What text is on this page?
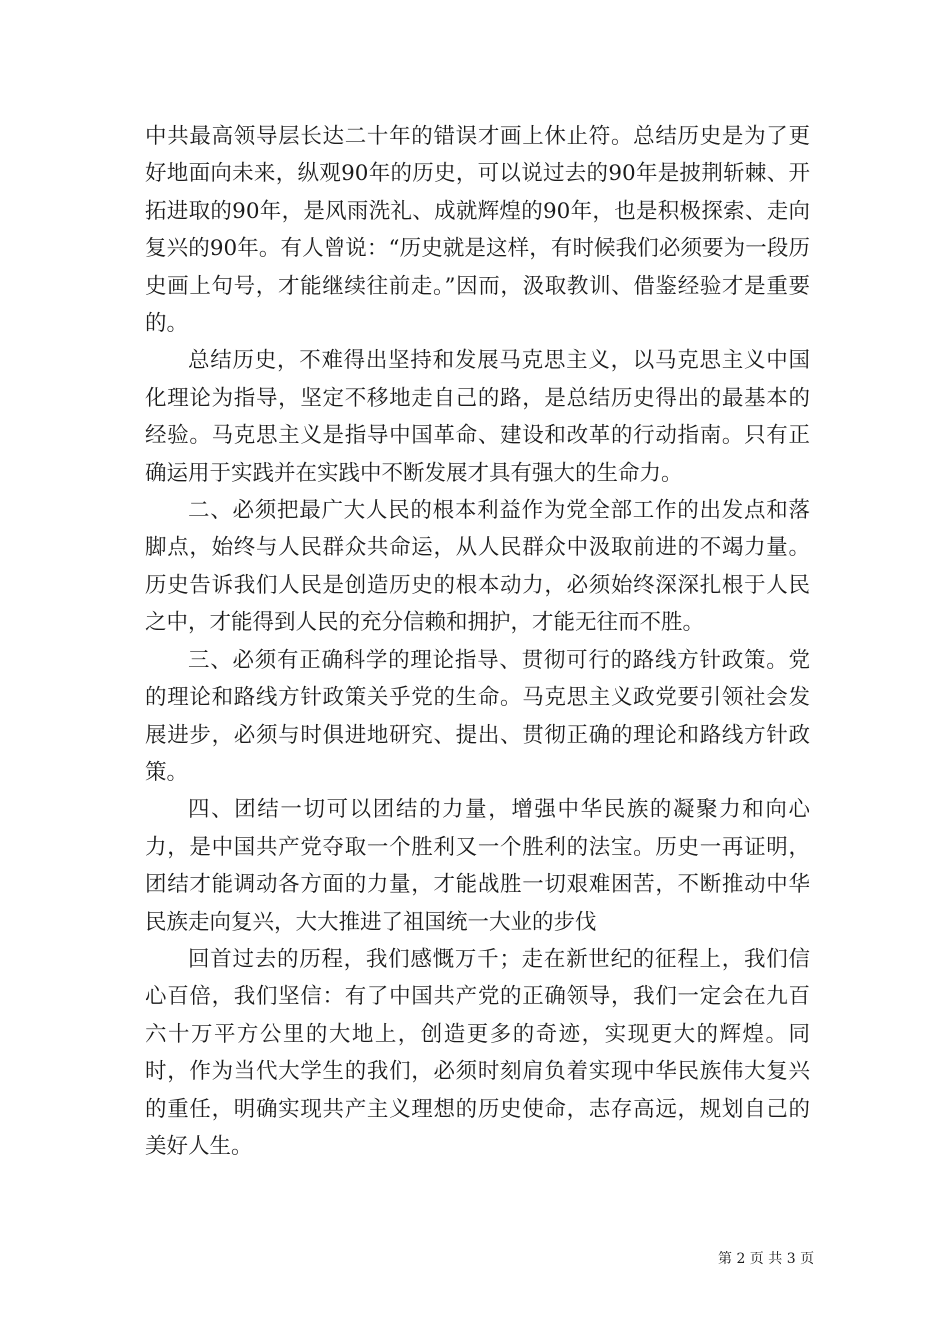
中共最高领导层长达二十年的错误才画上休止符。总结历史是为了更好地面向未来，纵观90年的历史，可以说过去的90年是披荆斩棘、开拓进取的90年，是风雨洗礼、成就辉煌的90年，也是积极探索、走向复兴的90年。有人曾说：“历史就是这样，有时候我们必须要为一段历史画上句号，才能继续往前走。”因而，汲取教训、借鉴经验才是重要的。

总结历史，不难得出坚持和发展马克思主义，以马克思主义中国化理论为指导，坚定不移地走自己的路，是总结历史得出的最基本的经验。马克思主义是指导中国革命、建设和改革的行动指南。只有正确运用于实践并在实践中不断发展才具有强大的生命力。

二、必须把最广大人民的根本利益作为党全部工作的出发点和落脚点，始终与人民群众共命运，从人民群众中汲取前进的不竭力量。历史告诉我们人民是创造历史的根本动力，必须始终深深扎根于人民之中，才能得到人民的充分信赖和拥护，才能无往而不胜。

三、必须有正确科学的理论指导、贯彻可行的路线方针政策。党的理论和路线方针政策关乎党的生命。马克思主义政党要引领社会发展进步，必须与时俱进地研究、提出、贯彻正确的理论和路线方针政策。

四、团结一切可以团结的力量，增强中华民族的凝聚力和向心力，是中国共产党夺取一个胜利又一个胜利的法宝。历史一再证明，团结才能调动各方面的力量，才能战胜一切艰难困苦，不断推动中华民族走向复兴，大大推进了祖国统一大业的步伐

回首过去的历程，我们感慨万千；走在新世纪的征程上，我们信心百倍，我们坚信：有了中国共产党的正确领导，我们一定会在九百六十万平方公里的大地上，创造更多的奇迹，实现更大的辉煌。同时，作为当代大学生的我们，必须时刻肩负着实现中华民族伟大复兴的重任，明确实现共产主义理想的历史使命，志存高远，规划自己的美好人生。

第 2 页 共 3 页
